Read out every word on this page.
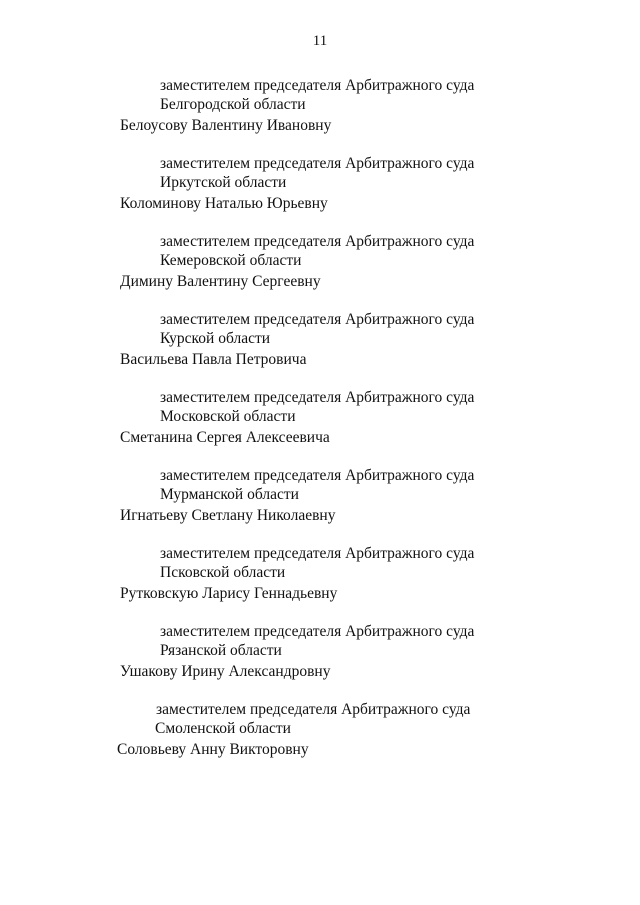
11
заместителем председателя Арбитражного суда
Белгородской области
Белоусову Валентину Ивановну
заместителем председателя Арбитражного суда
Иркутской области
Коломинову Наталью Юрьевну
заместителем председателя Арбитражного суда
Кемеровской области
Димину Валентину Сергеевну
заместителем председателя Арбитражного суда
Курской области
Васильева Павла Петровича
заместителем председателя Арбитражного суда
Московской области
Сметанина Сергея Алексеевича
заместителем председателя Арбитражного суда
Мурманской области
Игнатьеву Светлану Николаевну
заместителем председателя Арбитражного суда
Псковской области
Рутковскую Ларису Геннадьевну
заместителем председателя Арбитражного суда
Рязанской области
Ушакову Ирину Александровну
заместителем председателя Арбитражного суда
Смоленской области
Соловьеву Анну Викторовну
